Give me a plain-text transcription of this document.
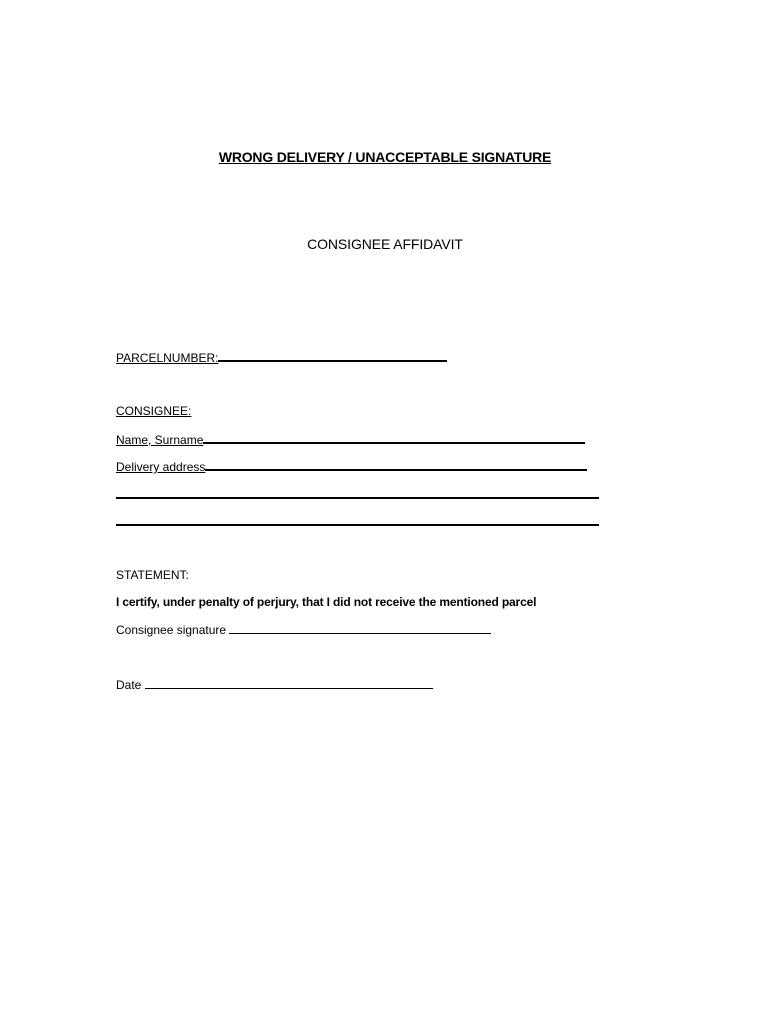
WRONG DELIVERY / UNACCEPTABLE SIGNATURE
CONSIGNEE AFFIDAVIT
PARCELNUMBER:
CONSIGNEE:
Name, Surname
Delivery address
STATEMENT:
I certify, under penalty of perjury, that I did not receive the mentioned parcel
Consignee signature
Date
